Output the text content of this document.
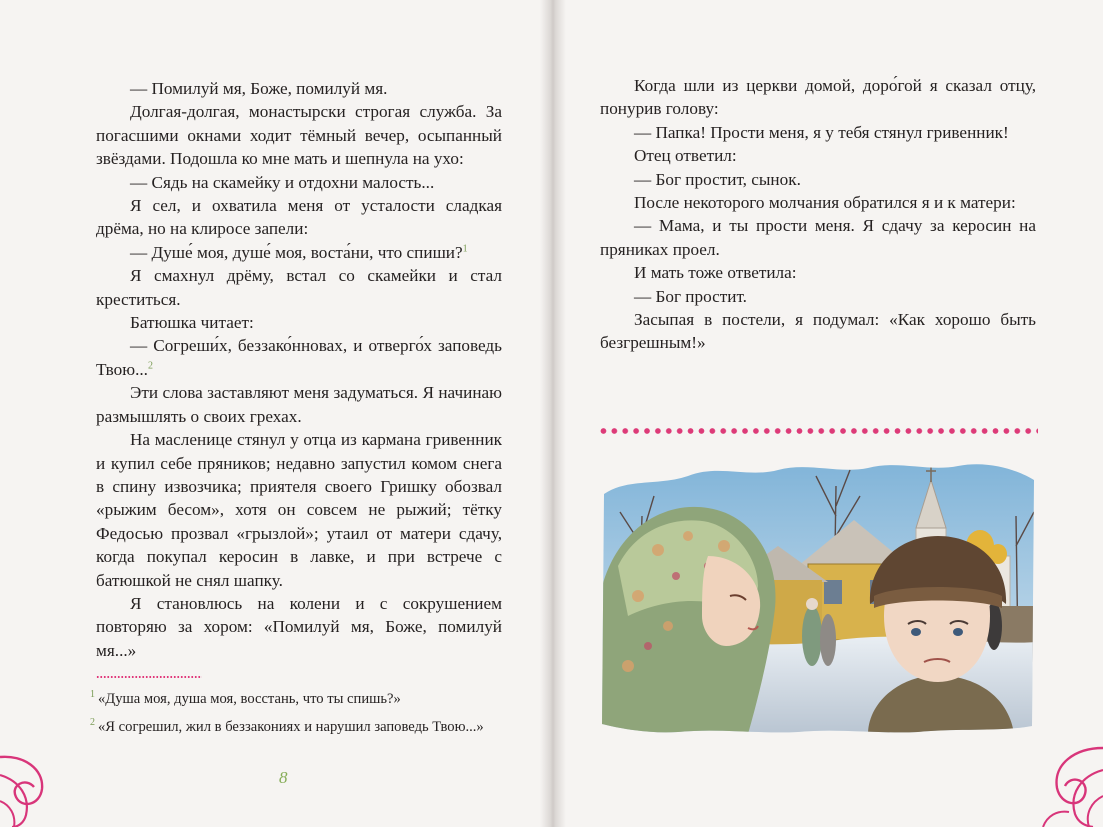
— Помилуй мя, Боже, помилуй мя.

Долгая-долгая, монастырски строгая служба. За погасшими окнами ходит тёмный вечер, осыпанный звёздами. Подошла ко мне мать и шепнула на ухо:

— Сядь на скамейку и отдохни малость...

Я сел, и охватила меня от усталости сладкая дрёма, но на клиросе запели:

— Душе́ моя, душе́ моя, воста́ни, что спиши?$^1$

Я смахнул дрёму, встал со скамейки и стал креститься.

Батюшка читает:

— Согреши́х, беззако́нновах, и отверго́х заповедь Твою...$^2$

Эти слова заставляют меня задуматься. Я начинаю размышлять о своих грехах.

На масленице стянул у отца из кармана гривенник и купил себе пряников; недавно запустил комом снега в спину извозчика; приятеля своего Гришку обозвал «рыжим бесом», хотя он совсем не рыжий; тётку Федосью прозвал «грызлой»; утаил от матери сдачу, когда покупал керосин в лавке, и при встрече с батюшкой не снял шапку.

Я становлюсь на колени и с сокрушением повторяю за хором: «Помилуй мя, Боже, помилуй мя...»

$^1$ «Душа моя, душа моя, восстань, что ты спишь?»
$^2$ «Я согрешил, жил в беззакониях и нарушил заповедь Твою...»
8

Когда шли из церкви домой, доро́гой я сказал отцу, понурив голову:

— Папка! Прости меня, я у тебя стянул гривенник!

Отец ответил:

— Бог простит, сынок.

После некоторого молчания обратился я и к матери:

— Мама, и ты прости меня. Я сдачу за керосин на пряниках проел.

И мать тоже ответила:

— Бог простит.

Засыпая в постели, я подумал: «Как хорошо быть безгрешным!»
